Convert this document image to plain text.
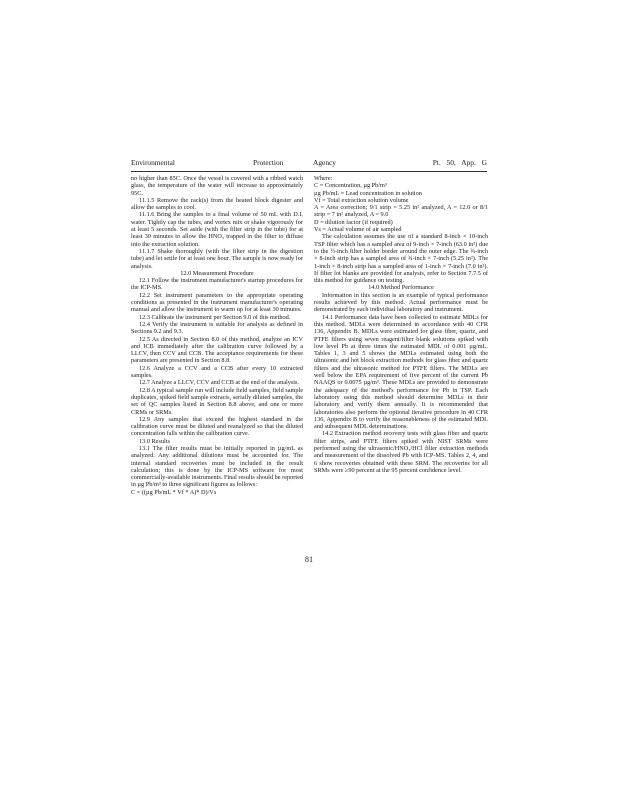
Environmental	Protection	Agency	Pt. 50, App. G

no higher than 85C. Once the vessel is covered with a ribbed watch glass, the temperature of the water will increase to approximately 95C.

11.1.5 Remove the rack(s) from the heated block digester and allow the samples to cool.

11.1.6 Bring the samples to a final volume of 50 mL with D.I. water. Tightly cap the tubes, and vortex mix or shake vigorously for at least 5 seconds. Set aside (with the filter strip in the tube) for at least 30 minutes to allow the HNO₃ trapped in the filter to diffuse into the extraction solution.

11.1.7 Shake thoroughly (with the filter strip in the digestion tube) and let settle for at least one hour. The sample is now ready for analysis.

12.0 Measurement Procedure

12.1 Follow the instrument manufacturer's startup procedures for the ICP-MS.

12.2 Set instrument parameters to the appropriate operating conditions as presented in the instrument manufacturer's operating manual and allow the instrument to warm up for at least 30 minutes.

12.3 Calibrate the instrument per Section 9.0 of this method.

12.4 Verify the instrument is suitable for analysis as defined in Sections 9.2 and 9.3.

12.5 As directed in Section 8.0 of this method, analyze an ICV and ICB immediately after the calibration curve followed by a LLCV, then CCV and CCB. The acceptance requirements for these parameters are presented in Section 8.8.

12.6 Analyze a CCV and a CCB after every 10 extracted samples.

12.7 Analyze a LLCV, CCV and CCB at the end of the analysis.

12.8 A typical sample run will include field samples, field sample duplicates, spiked field sample extracts, serially diluted samples, the set of QC samples listed in Section 8.8 above, and one or more CRMs or SRMs.

12.9 Any samples that exceed the highest standard in the calibration curve must be diluted and reanalyzed so that the diluted concentration falls within the calibration curve.

13.0 Results

13.1 The filter results must be initially reported in µg/mL as analyzed. Any additional dilutions must be accounted for. The internal standard recoveries must be included in the result calculation; this is done by the ICP-MS software for most commercially-available instruments. Final results should be reported in µg Pb/m³ to three significant figures as follows:

C = ((µg Pb/mL * Vf * A)* D)/Vs

Where:

C = Concentration, µg Pb/m³

µg Pb/mL = Lead concentration in solution

Vf = Total extraction solution volume

A = Area correction; 9/1 strip = 5.25 in² analyzed, A = 12.0 or 8/1 strip = 7 in² analyzed, A = 9.0

D = dilution factor (if required)

Vs = Actual volume of air sampled

The calculation assumes the use of a standard 8-inch × 10-inch TSP filter which has a sampled area of 9-inch × 7-inch (63.0 in²) due to the ½-inch filter holder border around the outer edge. The ¾-inch × 8-inch strip has a sampled area of ¾-inch × 7-inch (5.25 in²). The 1-inch × 8-inch strip has a sampled area of 1-inch × 7-inch (7.0 in²). If filter lot blanks are provided for analysis, refer to Section 7.7.5 of this method for guidance on testing.

14.0 Method Performance

Information in this section is an example of typical performance results achieved by this method. Actual performance must be demonstrated by each individual laboratory and instrument.

14.1 Performance data have been collected to estimate MDLs for this method. MDLs were determined in accordance with 40 CFR 136, Appendix B. MDLs were estimated for glass fiber, quartz, and PTFE filters using seven reagent/filter blank solutions spiked with low level Pb at three times the estimated MDL of 0.001 µg/mL. Tables 1, 3 and 5 shows the MDLs estimated using both the ultrasonic and hot block extraction methods for glass fiber and quartz filters and the ultrasonic method for PTFE filters. The MDLs are well below the EPA requirement of five percent of the current Pb NAAQS or 0.0075 µg/m³. These MDLs are provided to demonstrate the adequacy of the method's performance for Pb in TSP. Each laboratory using this method should determine MDLs in their laboratory and verify them annually. It is recommended that laboratories also perform the optional iterative procedure in 40 CFR 136, Appendix B to verify the reasonableness of the estimated MDL and subsequent MDL determinations.

14.2 Extraction method recovery tests with glass fiber and quartz filter strips, and PTFE filters spiked with NIST SRMs were performed using the ultrasonic/HNO₃/HCl filter extraction methods and measurement of the dissolved Pb with ICP-MS. Tables 2, 4, and 6 show recoveries obtained with these SRM. The recoveries for all SRMs were ≥90 percent at the 95 percent confidence level.

81
